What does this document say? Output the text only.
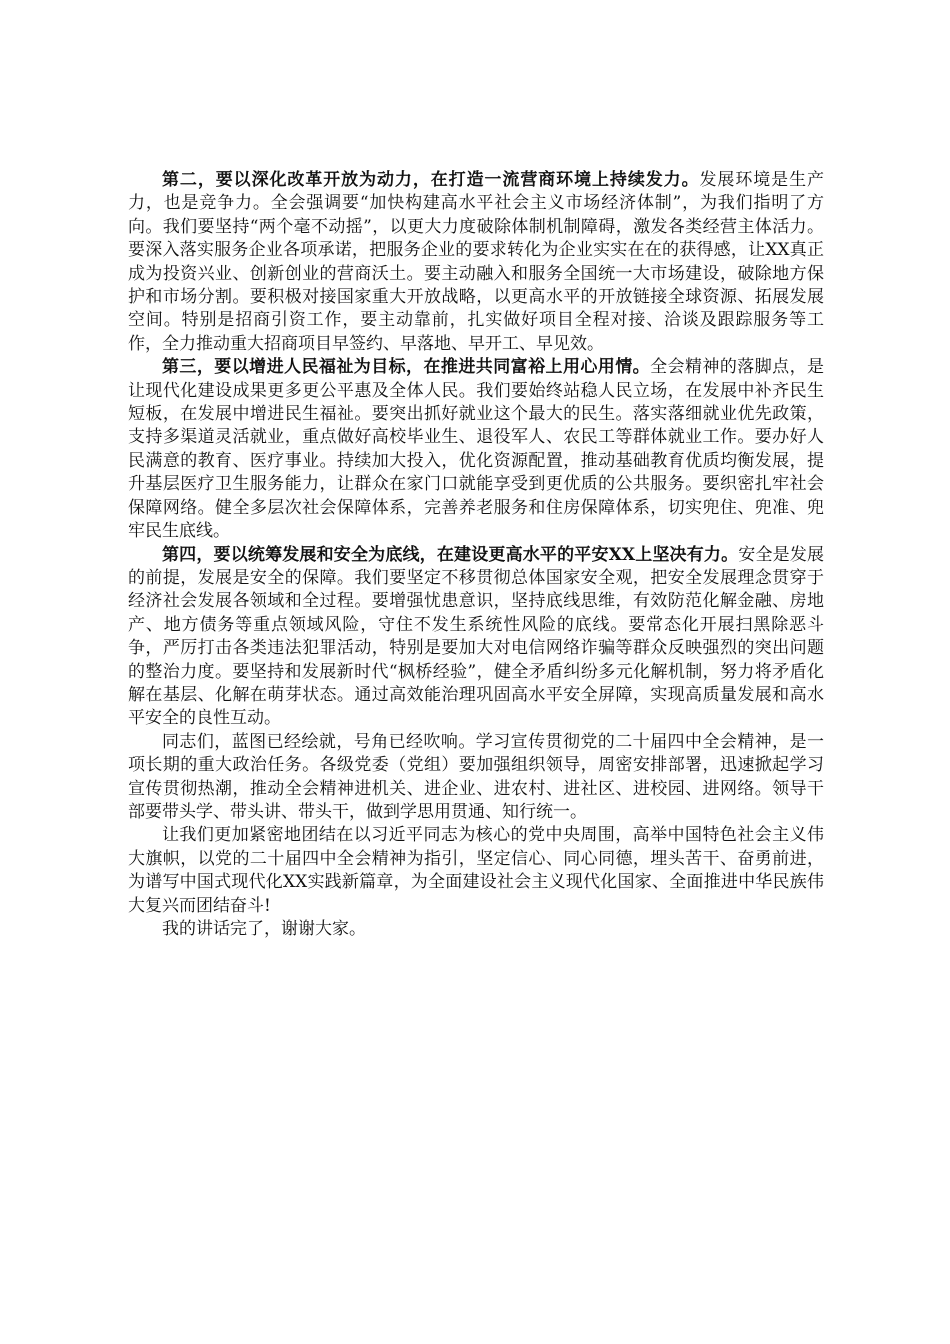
第二，要以深化改革开放为动力，在打造一流营商环境上持续发力。发展环境是生产力，也是竞争力。全会强调要“加快构建高水平社会主义市场经济体制”，为我们指明了方向。我们要坚持“两个毫不动摇”，以更大力度破除体制机制障碍，激发各类经营主体活力。要深入落实服务企业各项承诺，把服务企业的要求转化为企业实实在在的获得感，让XX真正成为投资兴业、创新创业的营商沃土。要主动融入和服务全国统一大市场建设，破除地方保护和市场分割。要积极对接国家重大开放战略，以更高水平的开放链接全球资源、拓展发展空间。特别是招商引资工作，要主动靠前，扎实做好项目全程对接、洽谈及跟踪服务等工作，全力推动重大招商项目早签约、早落地、早开工、早见效。

第三，要以增进人民福祉为目标，在推进共同富裕上用心用情。全会精神的落脚点，是让现代化建设成果更多更公平惠及全体人民。我们要始终站稳人民立场，在发展中补齐民生短板，在发展中增进民生福祉。要突出抓好就业这个最大的民生。落实落细就业优先政策，支持多渠道灵活就业，重点做好高校毕业生、退役军人、农民工等群体就业工作。要办好人民满意的教育、医疗事业。持续加大投入，优化资源配置，推动基础教育优质均衡发展，提升基层医疗卫生服务能力，让群众在家门口就能享受到更优质的公共服务。要织密扎牢社会保障网络。健全多层次社会保障体系，完善养老服务和住房保障体系，切实兜住、兜准、兜牢民生底线。

第四，要以统筹发展和安全为底线，在建设更高水平的平安XX上坚决有力。安全是发展的前提，发展是安全的保障。我们要坚定不移贯彻总体国家安全观，把安全发展理念贯穿于经济社会发展各领域和全过程。要增强忧患意识，坚持底线思维，有效防范化解金融、房地产、地方债务等重点领域风险，守住不发生系统性风险的底线。要常态化开展扫黑除恶斗争，严厉打击各类违法犯罪活动，特别是要加大对电信网络诈骗等群众反映强烈的突出问题的整治力度。要坚持和发展新时代“枫桥经验”，健全矛盾纠纷多元化解机制，努力将矛盾化解在基层、化解在萌芽状态。通过高效能治理巩固高水平安全屏障，实现高质量发展和高水平安全的良性互动。

同志们，蓝图已经绘就，号角已经吹响。学习宣传贯彻党的二十届四中全会精神，是一项长期的重大政治任务。各级党委（党组）要加强组织领导，周密安排部署，迅速掀起学习宣传贯彻热潮，推动全会精神进机关、进企业、进农村、进社区、进校园、进网络。领导干部要带头学、带头讲、带头干，做到学思用贯通、知行统一。

让我们更加紧密地团结在以习近平同志为核心的党中央周围，高举中国特色社会主义伟大旗帜，以党的二十届四中全会精神为指引，坚定信心、同心同德，埋头苦干、奋勇前进，为谱写中国式现代化XX实践新篇章，为全面建设社会主义现代化国家、全面推进中华民族伟大复兴而团结奋斗!

我的讲话完了，谢谢大家。
